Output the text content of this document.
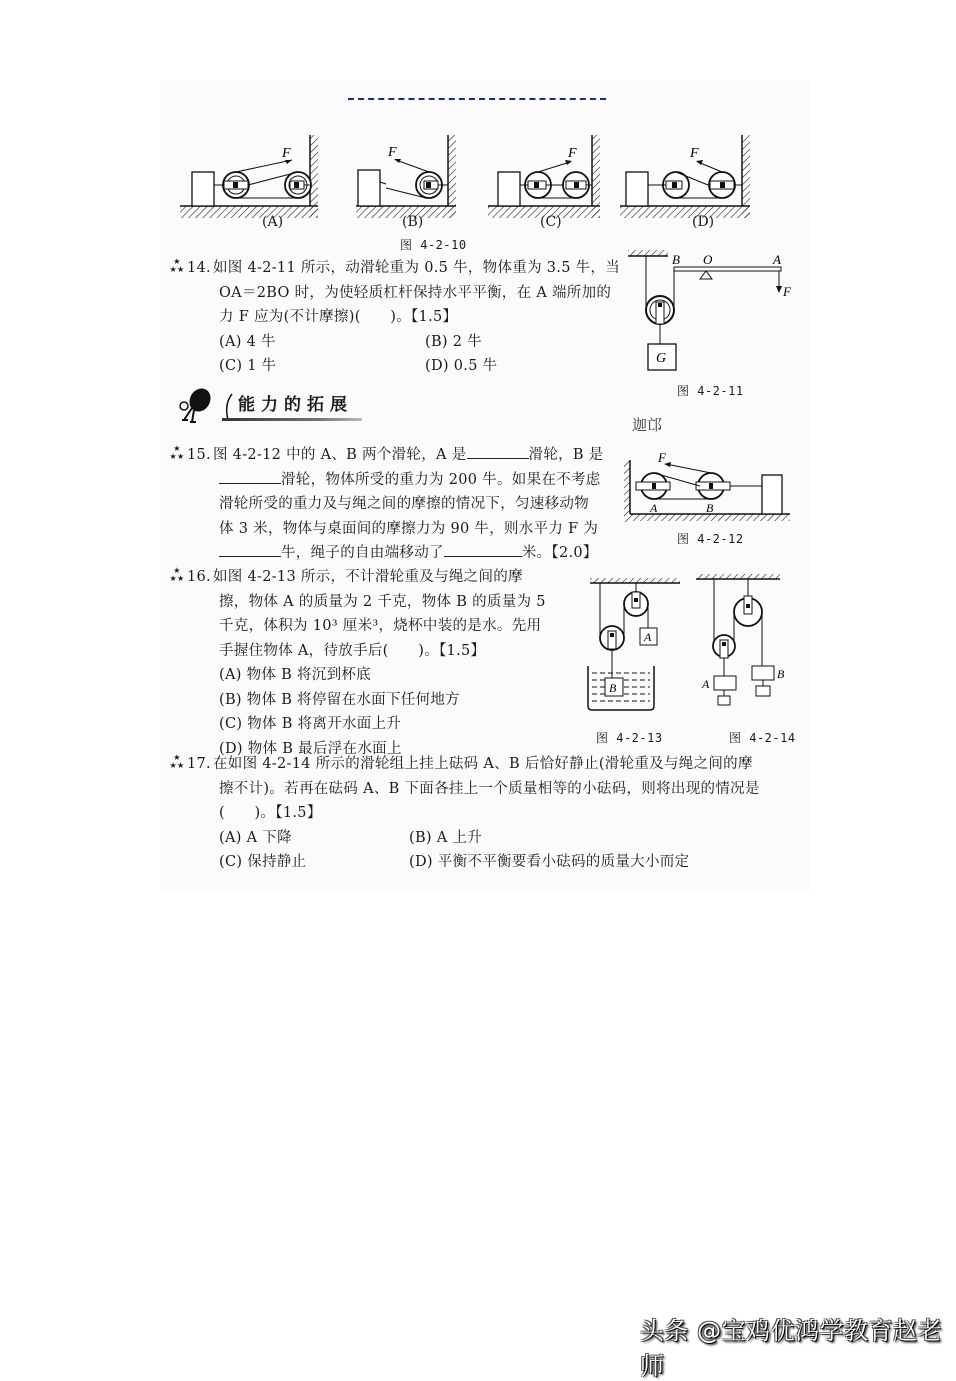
F	F	F	F
(A)	(B)	(C)	(D)
图 4-2-10
★
★★ 14. 如图 4-2-11 所示，动滑轮重为 0.5 牛，物体重为 3.5 牛，当
OA＝2BO 时，为使轻质杠杆保持水平平衡，在 A 端所加的
力 F 应为(不计摩擦)(　　)。【1.5】
(A) 4 牛	(B) 2 牛
(C) 1 牛	(D) 0.5 牛	G
B O	A
F
图 4-2-11
能力的拓展
迦邙
★
★★ 15. 图 4-2-12 中的 A、B 两个滑轮，A 是	滑轮，B 是
滑轮，物体所受的重力为 200 牛。如果在不考虑
滑轮所受的重力及与绳之间的摩擦的情况下，匀速移动物
体 3 米，物体与桌面间的摩擦力为 90 牛，则水平力 F 为
牛，绳子的自由端移动了	米。【2.0】
F
A	B
图 4-2-12
★
★★ 16. 如图 4-2-13 所示，不计滑轮重及与绳之间的摩
擦，物体 A 的质量为 2 千克，物体 B 的质量为 5
千克，体积为 10³ 厘米³，烧杯中装的是水。先用
手握住物体 A，待放手后(　　)。【1.5】
(A) 物体 B 将沉到杯底
(B) 物体 B 将停留在水面下任何地方
(C) 物体 B 将离开水面上升
(D) 物体 B 最后浮在水面上
A
B
图 4-2-13
B
A
图 4-2-14
★
★★ 17. 在如图 4-2-14 所示的滑轮组上挂上砝码 A、B 后恰好静止(滑轮重及与绳之间的摩
擦不计)。若再在砝码 A、B 下面各挂上一个质量相等的小砝码，则将出现的情况是
(　　)。【1.5】
(A) A 下降	(B) A 上升
(C) 保持静止	(D) 平衡不平衡要看小砝码的质量大小而定
头条 @宝鸡优鸿学教育赵老师
